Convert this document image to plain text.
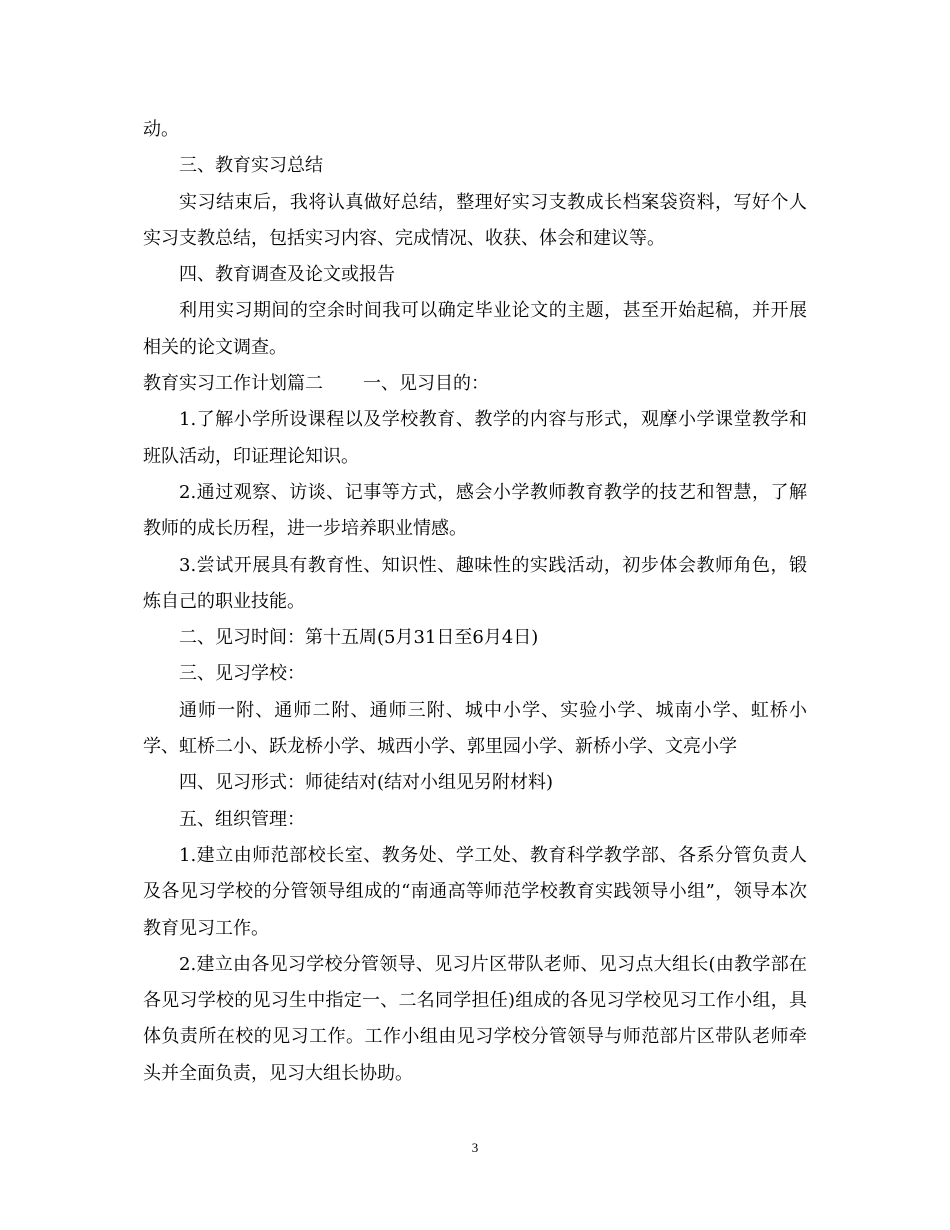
动。

三、教育实习总结

实习结束后，我将认真做好总结，整理好实习支教成长档案袋资料，写好个人实习支教总结，包括实习内容、完成情况、收获、体会和建议等。

四、教育调查及论文或报告

利用实习期间的空余时间我可以确定毕业论文的主题，甚至开始起稿，并开展相关的论文调查。

教育实习工作计划篇二 一、见习目的：

1.了解小学所设课程以及学校教育、教学的内容与形式，观摩小学课堂教学和班队活动，印证理论知识。

2.通过观察、访谈、记事等方式，感会小学教师教育教学的技艺和智慧，了解教师的成长历程，进一步培养职业情感。

3.尝试开展具有教育性、知识性、趣味性的实践活动，初步体会教师角色，锻炼自己的职业技能。

二、见习时间：第十五周(5月31日至6月4日)

三、见习学校：

通师一附、通师二附、通师三附、城中小学、实验小学、城南小学、虹桥小学、虹桥二小、跃龙桥小学、城西小学、郭里园小学、新桥小学、文亮小学

四、见习形式：师徒结对(结对小组见另附材料)

五、组织管理：

1.建立由师范部校长室、教务处、学工处、教育科学教学部、各系分管负责人及各见习学校的分管领导组成的“南通高等师范学校教育实践领导小组”，领导本次教育见习工作。

2.建立由各见习学校分管领导、见习片区带队老师、见习点大组长(由教学部在各见习学校的见习生中指定一、二名同学担任)组成的各见习学校见习工作小组，具体负责所在校的见习工作。工作小组由见习学校分管领导与师范部片区带队老师牵头并全面负责，见习大组长协助。

3
